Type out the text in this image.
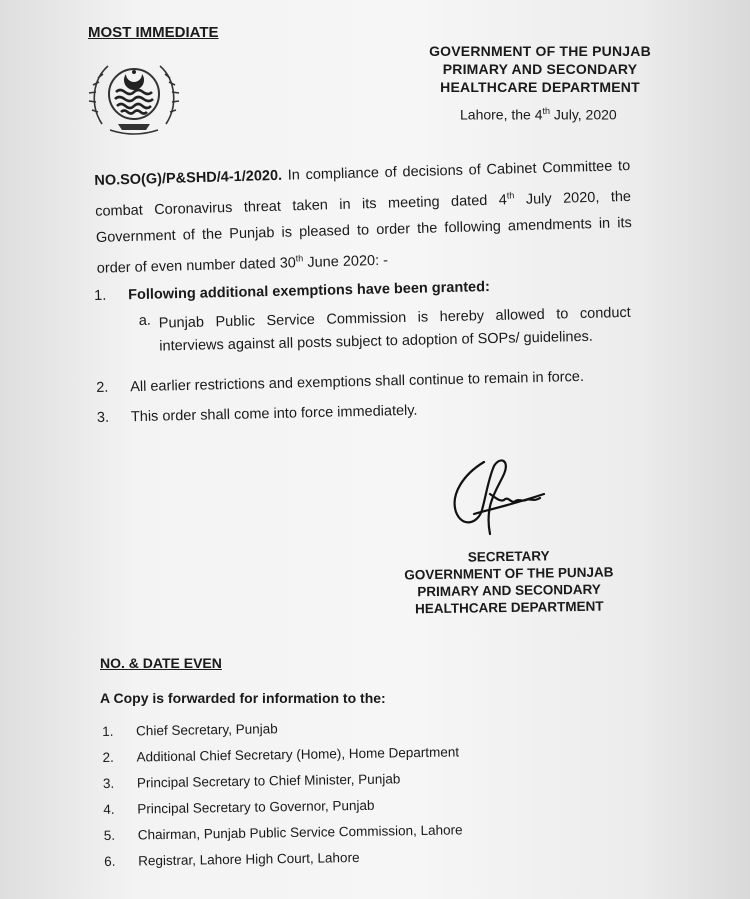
MOST IMMEDIATE
GOVERNMENT OF THE PUNJAB
PRIMARY AND SECONDARY
HEALTHCARE DEPARTMENT
Lahore, the 4th July, 2020
NO.SO(G)/P&SHD/4-1/2020. In compliance of decisions of Cabinet Committee to combat Coronavirus threat taken in its meeting dated 4th July 2020, the Government of the Punjab is pleased to order the following amendments in its order of even number dated 30th June 2020: -
1. Following additional exemptions have been granted:
a. Punjab Public Service Commission is hereby allowed to conduct interviews against all posts subject to adoption of SOPs/ guidelines.
2. All earlier restrictions and exemptions shall continue to remain in force.
3. This order shall come into force immediately.
SECRETARY
GOVERNMENT OF THE PUNJAB
PRIMARY AND SECONDARY
HEALTHCARE DEPARTMENT
NO. & DATE EVEN
A Copy is forwarded for information to the:
1. Chief Secretary, Punjab
2. Additional Chief Secretary (Home), Home Department
3. Principal Secretary to Chief Minister, Punjab
4. Principal Secretary to Governor, Punjab
5. Chairman, Punjab Public Service Commission, Lahore
6. Registrar, Lahore High Court, Lahore
